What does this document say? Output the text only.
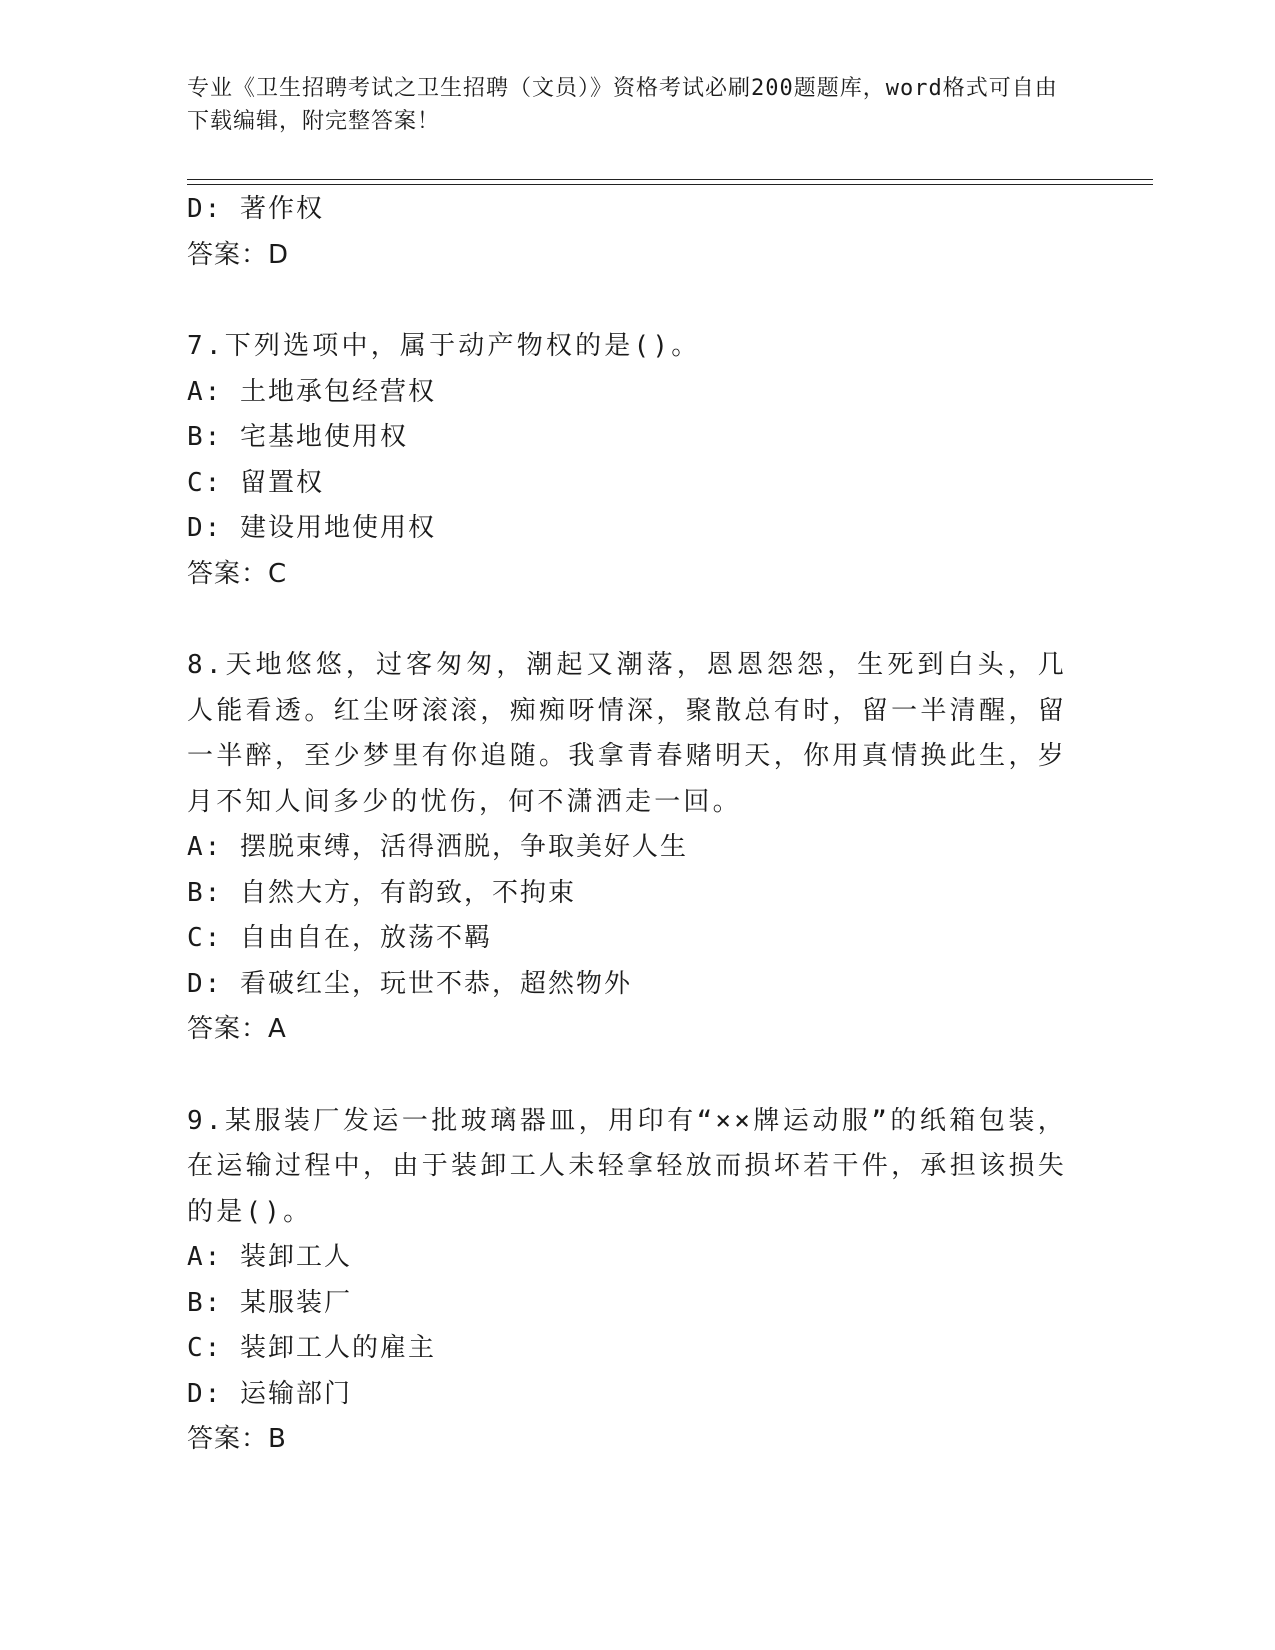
专业《卫生招聘考试之卫生招聘（文员）》资格考试必刷200题题库，word格式可自由下载编辑，附完整答案！
D: 著作权
答案：D
7.下列选项中，属于动产物权的是()。
A: 土地承包经营权
B: 宅基地使用权
C: 留置权
D: 建设用地使用权
答案：C
8.天地悠悠，过客匆匆，潮起又潮落，恩恩怨怨，生死到白头，几人能看透。红尘呀滚滚，痴痴呀情深，聚散总有时，留一半清醒，留一半醉，至少梦里有你追随。我拿青春赌明天，你用真情换此生，岁月不知人间多少的忧伤，何不潇洒走一回。
A: 摆脱束缚，活得洒脱，争取美好人生
B: 自然大方，有韵致，不拘束
C: 自由自在，放荡不羁
D: 看破红尘，玩世不恭，超然物外
答案：A
9.某服装厂发运一批玻璃器皿，用印有“××牌运动服”的纸箱包装，在运输过程中，由于装卸工人未轻拿轻放而损坏若干件，承担该损失的是()。
A: 装卸工人
B: 某服装厂
C: 装卸工人的雇主
D: 运输部门
答案：B
